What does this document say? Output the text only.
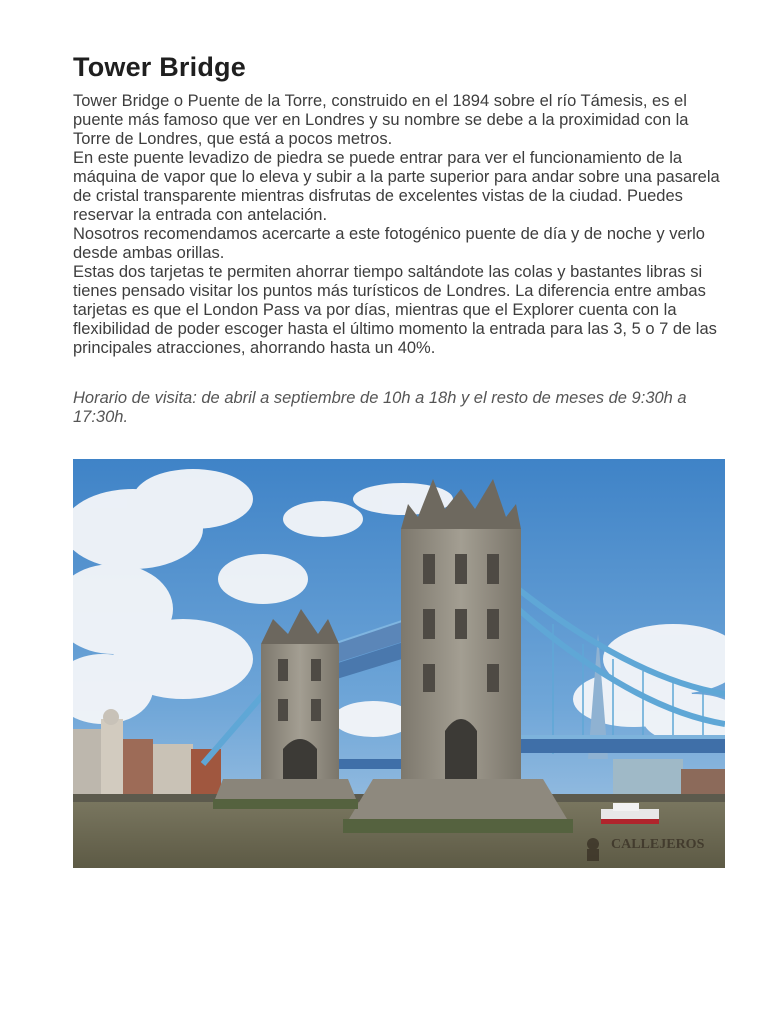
Tower Bridge

Tower Bridge o Puente de la Torre, construido en el 1894 sobre el río Támesis, es el puente más famoso que ver en Londres y su nombre se debe a la proximidad con la Torre de Londres, que está a pocos metros.

En este puente levadizo de piedra se puede entrar para ver el funcionamiento de la máquina de vapor que lo eleva y subir a la parte superior para andar sobre una pasarela de cristal transparente mientras disfrutas de excelentes vistas de la ciudad. Puedes reservar la entrada con antelación.

Nosotros recomendamos acercarte a este fotogénico puente de día y de noche y verlo desde ambas orillas.

Estas dos tarjetas te permiten ahorrar tiempo saltándote las colas y bastantes libras si tienes pensado visitar los puntos más turísticos de Londres. La diferencia entre ambas tarjetas es que el London Pass va por días, mientras que el Explorer cuenta con la flexibilidad de poder escoger hasta el último momento la entrada para las 3, 5 o 7 de las principales atracciones, ahorrando hasta un 40%.

Horario de visita: de abril a septiembre de 10h a 18h y el resto de meses de 9:30h a 17:30h.
CALLEJEROS
